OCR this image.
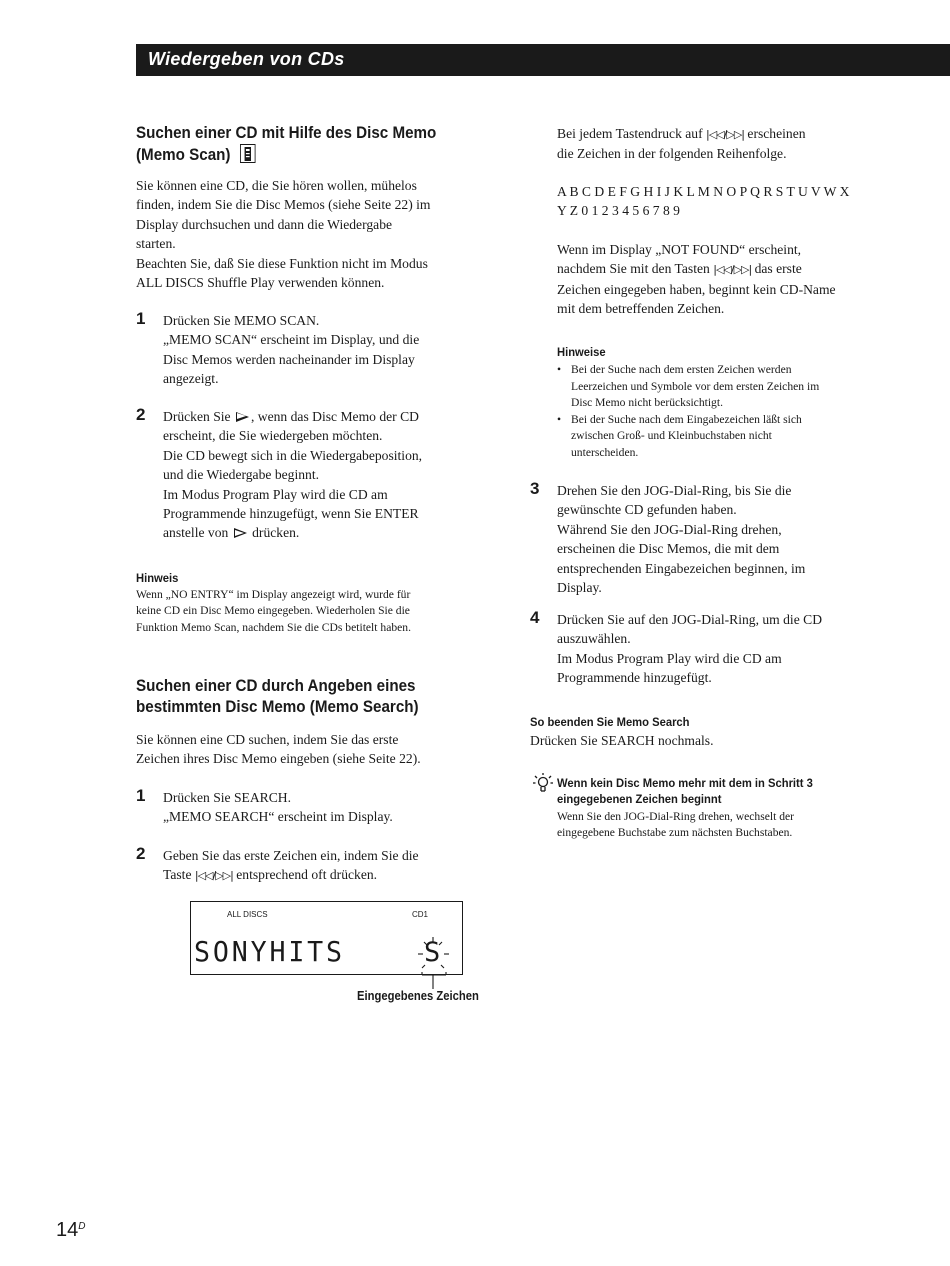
Wiedergeben von CDs
Suchen einer CD mit Hilfe des Disc Memo
(Memo Scan)
Sie können eine CD, die Sie hören wollen, mühelos
finden, indem Sie die Disc Memos (siehe Seite 22) im
Display durchsuchen und dann die Wiedergabe
starten.
Beachten Sie, daß Sie diese Funktion nicht im Modus
ALL DISCS Shuffle Play verwenden können.
1 Drücken Sie MEMO SCAN.
„MEMO SCAN“ erscheint im Display, und die
Disc Memos werden nacheinander im Display
angezeigt.
2 Drücken Sie , wenn das Disc Memo der CD
erscheint, die Sie wiedergeben möchten.
Die CD bewegt sich in die Wiedergabeposition,
und die Wiedergabe beginnt.
Im Modus Program Play wird die CD am
Programmende hinzugefügt, wenn Sie ENTER
anstelle von  drücken.
Hinweis
Wenn „NO ENTRY“ im Display angezeigt wird, wurde für
keine CD ein Disc Memo eingegeben. Wiederholen Sie die
Funktion Memo Scan, nachdem Sie die CDs betitelt haben.
Suchen einer CD durch Angeben eines
bestimmten Disc Memo (Memo Search)
Sie können eine CD suchen, indem Sie das erste
Zeichen ihres Disc Memo eingeben (siehe Seite 22).
1 Drücken Sie SEARCH.
„MEMO SEARCH“ erscheint im Display.
2 Geben Sie das erste Zeichen ein, indem Sie die
Taste |◁◁/▷▷| entsprechend oft drücken.
ALL DISCS	CD1
SONYHITS	S
Eingegebenes Zeichen
Bei jedem Tastendruck auf |◁◁/▷▷| erscheinen
die Zeichen in der folgenden Reihenfolge.
A B C D E F G H I J K L M N O P Q R S T U V W X
Y Z 0 1 2 3 4 5 6 7 8 9
Wenn im Display „NOT FOUND“ erscheint,
nachdem Sie mit den Tasten |◁◁/▷▷| das erste
Zeichen eingegeben haben, beginnt kein CD-Name
mit dem betreffenden Zeichen.
Hinweise
• Bei der Suche nach dem ersten Zeichen werden
Leerzeichen und Symbole vor dem ersten Zeichen im
Disc Memo nicht berücksichtigt.
• Bei der Suche nach dem Eingabezeichen läßt sich
zwischen Groß- und Kleinbuchstaben nicht
unterscheiden.
3 Drehen Sie den JOG-Dial-Ring, bis Sie die
gewünschte CD gefunden haben.
Während Sie den JOG-Dial-Ring drehen,
erscheinen die Disc Memos, die mit dem
entsprechenden Eingabezeichen beginnen, im
Display.
4 Drücken Sie auf den JOG-Dial-Ring, um die CD
auszuwählen.
Im Modus Program Play wird die CD am
Programmende hinzugefügt.
So beenden Sie Memo Search
Drücken Sie SEARCH nochmals.
Wenn kein Disc Memo mehr mit dem in Schritt 3
eingegebenen Zeichen beginnt
Wenn Sie den JOG-Dial-Ring drehen, wechselt der
eingegebene Buchstabe zum nächsten Buchstaben.
$14^D$
